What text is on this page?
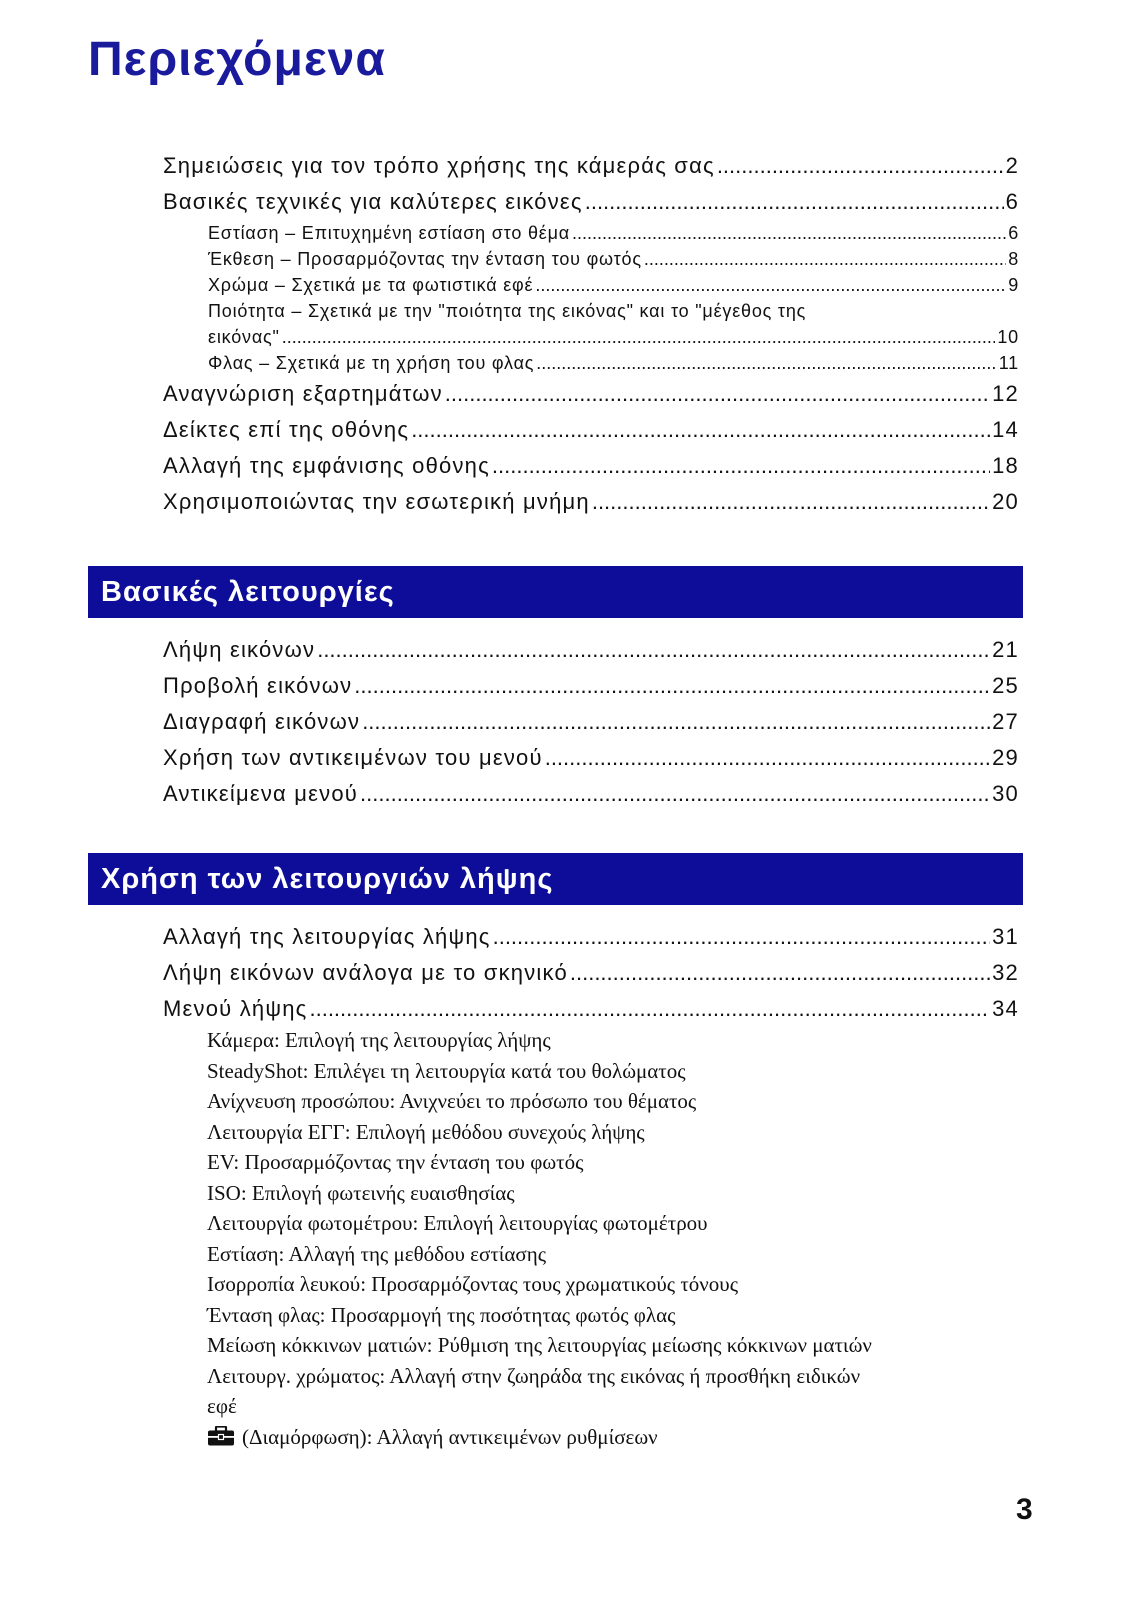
Περιεχόμενα
Σημειώσεις για τον τρόπο χρήσης της κάμεράς σας .....	2
Βασικές τεχνικές για καλύτερες εικόνες .....	6
Εστίαση – Επιτυχημένη εστίαση στο θέμα .....	6
Έκθεση – Προσαρμόζοντας την ένταση του φωτός .....	8
Χρώμα – Σχετικά με τα φωτιστικά εφέ .....	9
Ποιότητα – Σχετικά με την "ποιότητα της εικόνας" και το "μέγεθος της
εικόνας" .....	10
Φλας – Σχετικά με τη χρήση του φλας .....	11
Αναγνώριση εξαρτημάτων .....	12
Δείκτες επί της οθόνης .....	14
Αλλαγή της εμφάνισης οθόνης .....	18
Χρησιμοποιώντας την εσωτερική μνήμη .....	20
Βασικές λειτουργίες
Λήψη εικόνων .....	21
Προβολή εικόνων .....	25
Διαγραφή εικόνων .....	27
Χρήση των αντικειμένων του μενού .....	29
Αντικείμενα μενού .....	30
Χρήση των λειτουργιών λήψης
Αλλαγή της λειτουργίας λήψης .....	31
Λήψη εικόνων ανάλογα με το σκηνικό .....	32
Μενού λήψης .....	34
Κάμερα: Επιλογή της λειτουργίας λήψης
SteadyShot: Επιλέγει τη λειτουργία κατά του θολώματος
Ανίχνευση προσώπου: Ανιχνεύει το πρόσωπο του θέματος
Λειτουργία ΕΓΓ: Επιλογή μεθόδου συνεχούς λήψης
EV: Προσαρμόζοντας την ένταση του φωτός
ISO: Επιλογή φωτεινής ευαισθησίας
Λειτουργία φωτομέτρου: Επιλογή λειτουργίας φωτομέτρου
Εστίαση: Αλλαγή της μεθόδου εστίασης
Ισορροπία λευκού: Προσαρμόζοντας τους χρωματικούς τόνους
Ένταση φλας: Προσαρμογή της ποσότητας φωτός φλας
Μείωση κόκκινων ματιών: Ρύθμιση της λειτουργίας μείωσης κόκκινων ματιών
Λειτουργ. χρώματος: Αλλαγή στην ζωηράδα της εικόνας ή προσθήκη ειδικών
εφέ
(Διαμόρφωση): Αλλαγή αντικειμένων ρυθμίσεων
3
